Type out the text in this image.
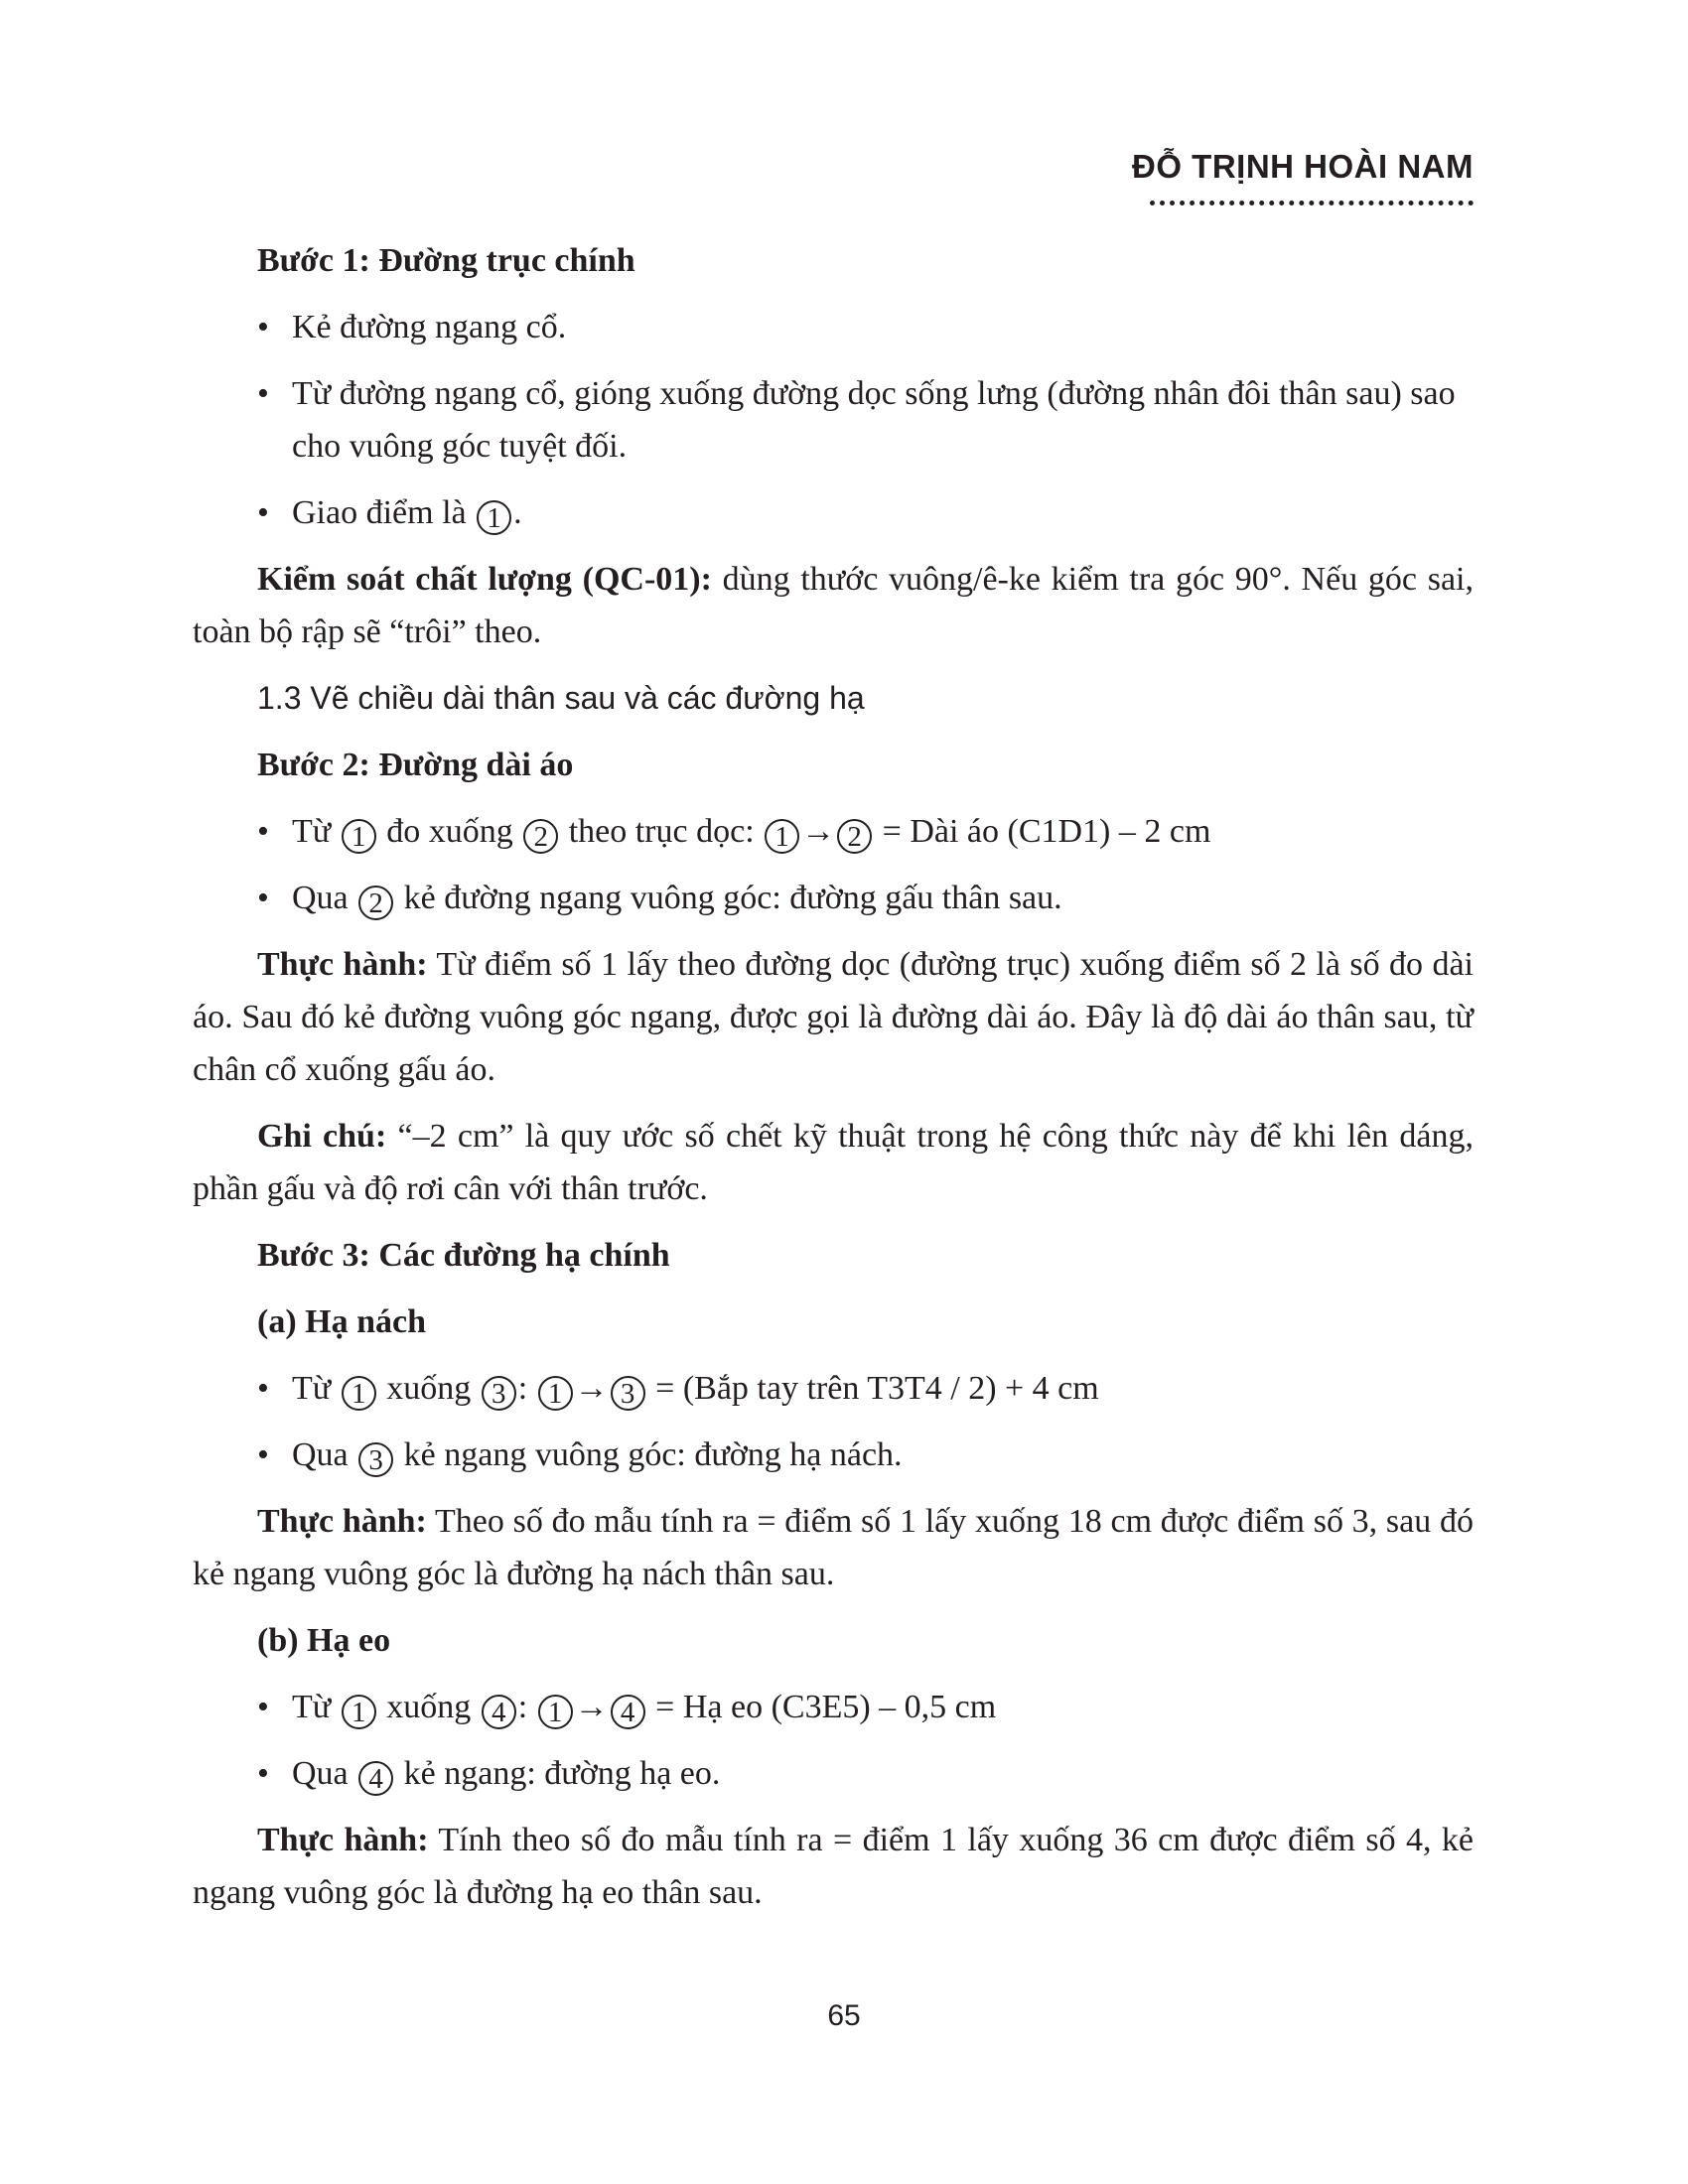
ĐỖ TRỊNH HOÀI NAM
Bước 1: Đường trục chính
• Kẻ đường ngang cổ.
• Từ đường ngang cổ, gióng xuống đường dọc sống lưng (đường nhân đôi thân sau) sao cho vuông góc tuyệt đối.
• Giao điểm là 1 .
Kiểm soát chất lượng (QC-01): dùng thước vuông/ê-ke kiểm tra góc 90°. Nếu góc sai, toàn bộ rập sẽ “trôi” theo.
1.3 Vẽ chiều dài thân sau và các đường hạ
Bước 2: Đường dài áo
• Từ 1 đo xuống 2 theo trục dọc: 1 → 2 = Dài áo (C1D1) – 2 cm
• Qua 2 kẻ đường ngang vuông góc: đường gấu thân sau.
Thực hành: Từ điểm số 1 lấy theo đường dọc (đường trục) xuống điểm số 2 là số đo dài áo. Sau đó kẻ đường vuông góc ngang, được gọi là đường dài áo. Đây là độ dài áo thân sau, từ chân cổ xuống gấu áo.
Ghi chú: “–2 cm” là quy ước số chết kỹ thuật trong hệ công thức này để khi lên dáng, phần gấu và độ rơi cân với thân trước.
Bước 3: Các đường hạ chính
(a) Hạ nách
• Từ 1 xuống 3 : 1 → 3 = (Bắp tay trên T3T4 / 2) + 4 cm
• Qua 3 kẻ ngang vuông góc: đường hạ nách.
Thực hành: Theo số đo mẫu tính ra = điểm số 1 lấy xuống 18 cm được điểm số 3, sau đó kẻ ngang vuông góc là đường hạ nách thân sau.
(b) Hạ eo
• Từ 1 xuống 4 : 1 → 4 = Hạ eo (C3E5) – 0,5 cm
• Qua 4 kẻ ngang: đường hạ eo.
Thực hành: Tính theo số đo mẫu tính ra = điểm 1 lấy xuống 36 cm được điểm số 4, kẻ ngang vuông góc là đường hạ eo thân sau.
65
